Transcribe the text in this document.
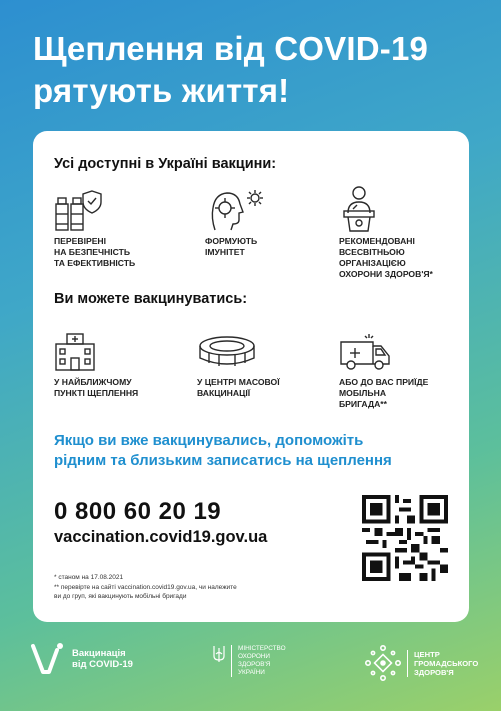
Щеплення від COVID-19
рятують життя!
Усі доступні в Україні вакцини:
ПЕРЕВІРЕНІ
НА БЕЗПЕЧНІСТЬ
ТА ЕФЕКТИВНІСТЬ
ФОРМУЮТЬ
ІМУНІТЕТ
РЕКОМЕНДОВАНІ
ВСЕСВІТНЬОЮ
ОРГАНІЗАЦІЄЮ
ОХОРОНИ ЗДОРОВ'Я*
Ви можете вакцинуватись:
У НАЙБЛИЖЧОМУ
ПУНКТІ ЩЕПЛЕННЯ
У ЦЕНТРІ МАСОВОЇ
ВАКЦИНАЦІЇ
АБО ДО ВАС ПРИЇДЕ
МОБІЛЬНА
БРИГАДА**
Якщо ви вже вакцинувались, допоможіть
рідним та близьким записатись на щеплення
0 800 60 20 19
vaccination.covid19.gov.ua
* станом на 17.08.2021
** перевірте на сайті vaccination.covid19.gov.ua, чи належите
ви до груп, які вакцинують мобільні бригади
Вакцинація
від COVID-19
МІНІСТЕРСТВО
ОХОРОНИ
ЗДОРОВ'Я
УКРАЇНИ
ЦЕНТР
ГРОМАДСЬКОГО
ЗДОРОВ'Я
